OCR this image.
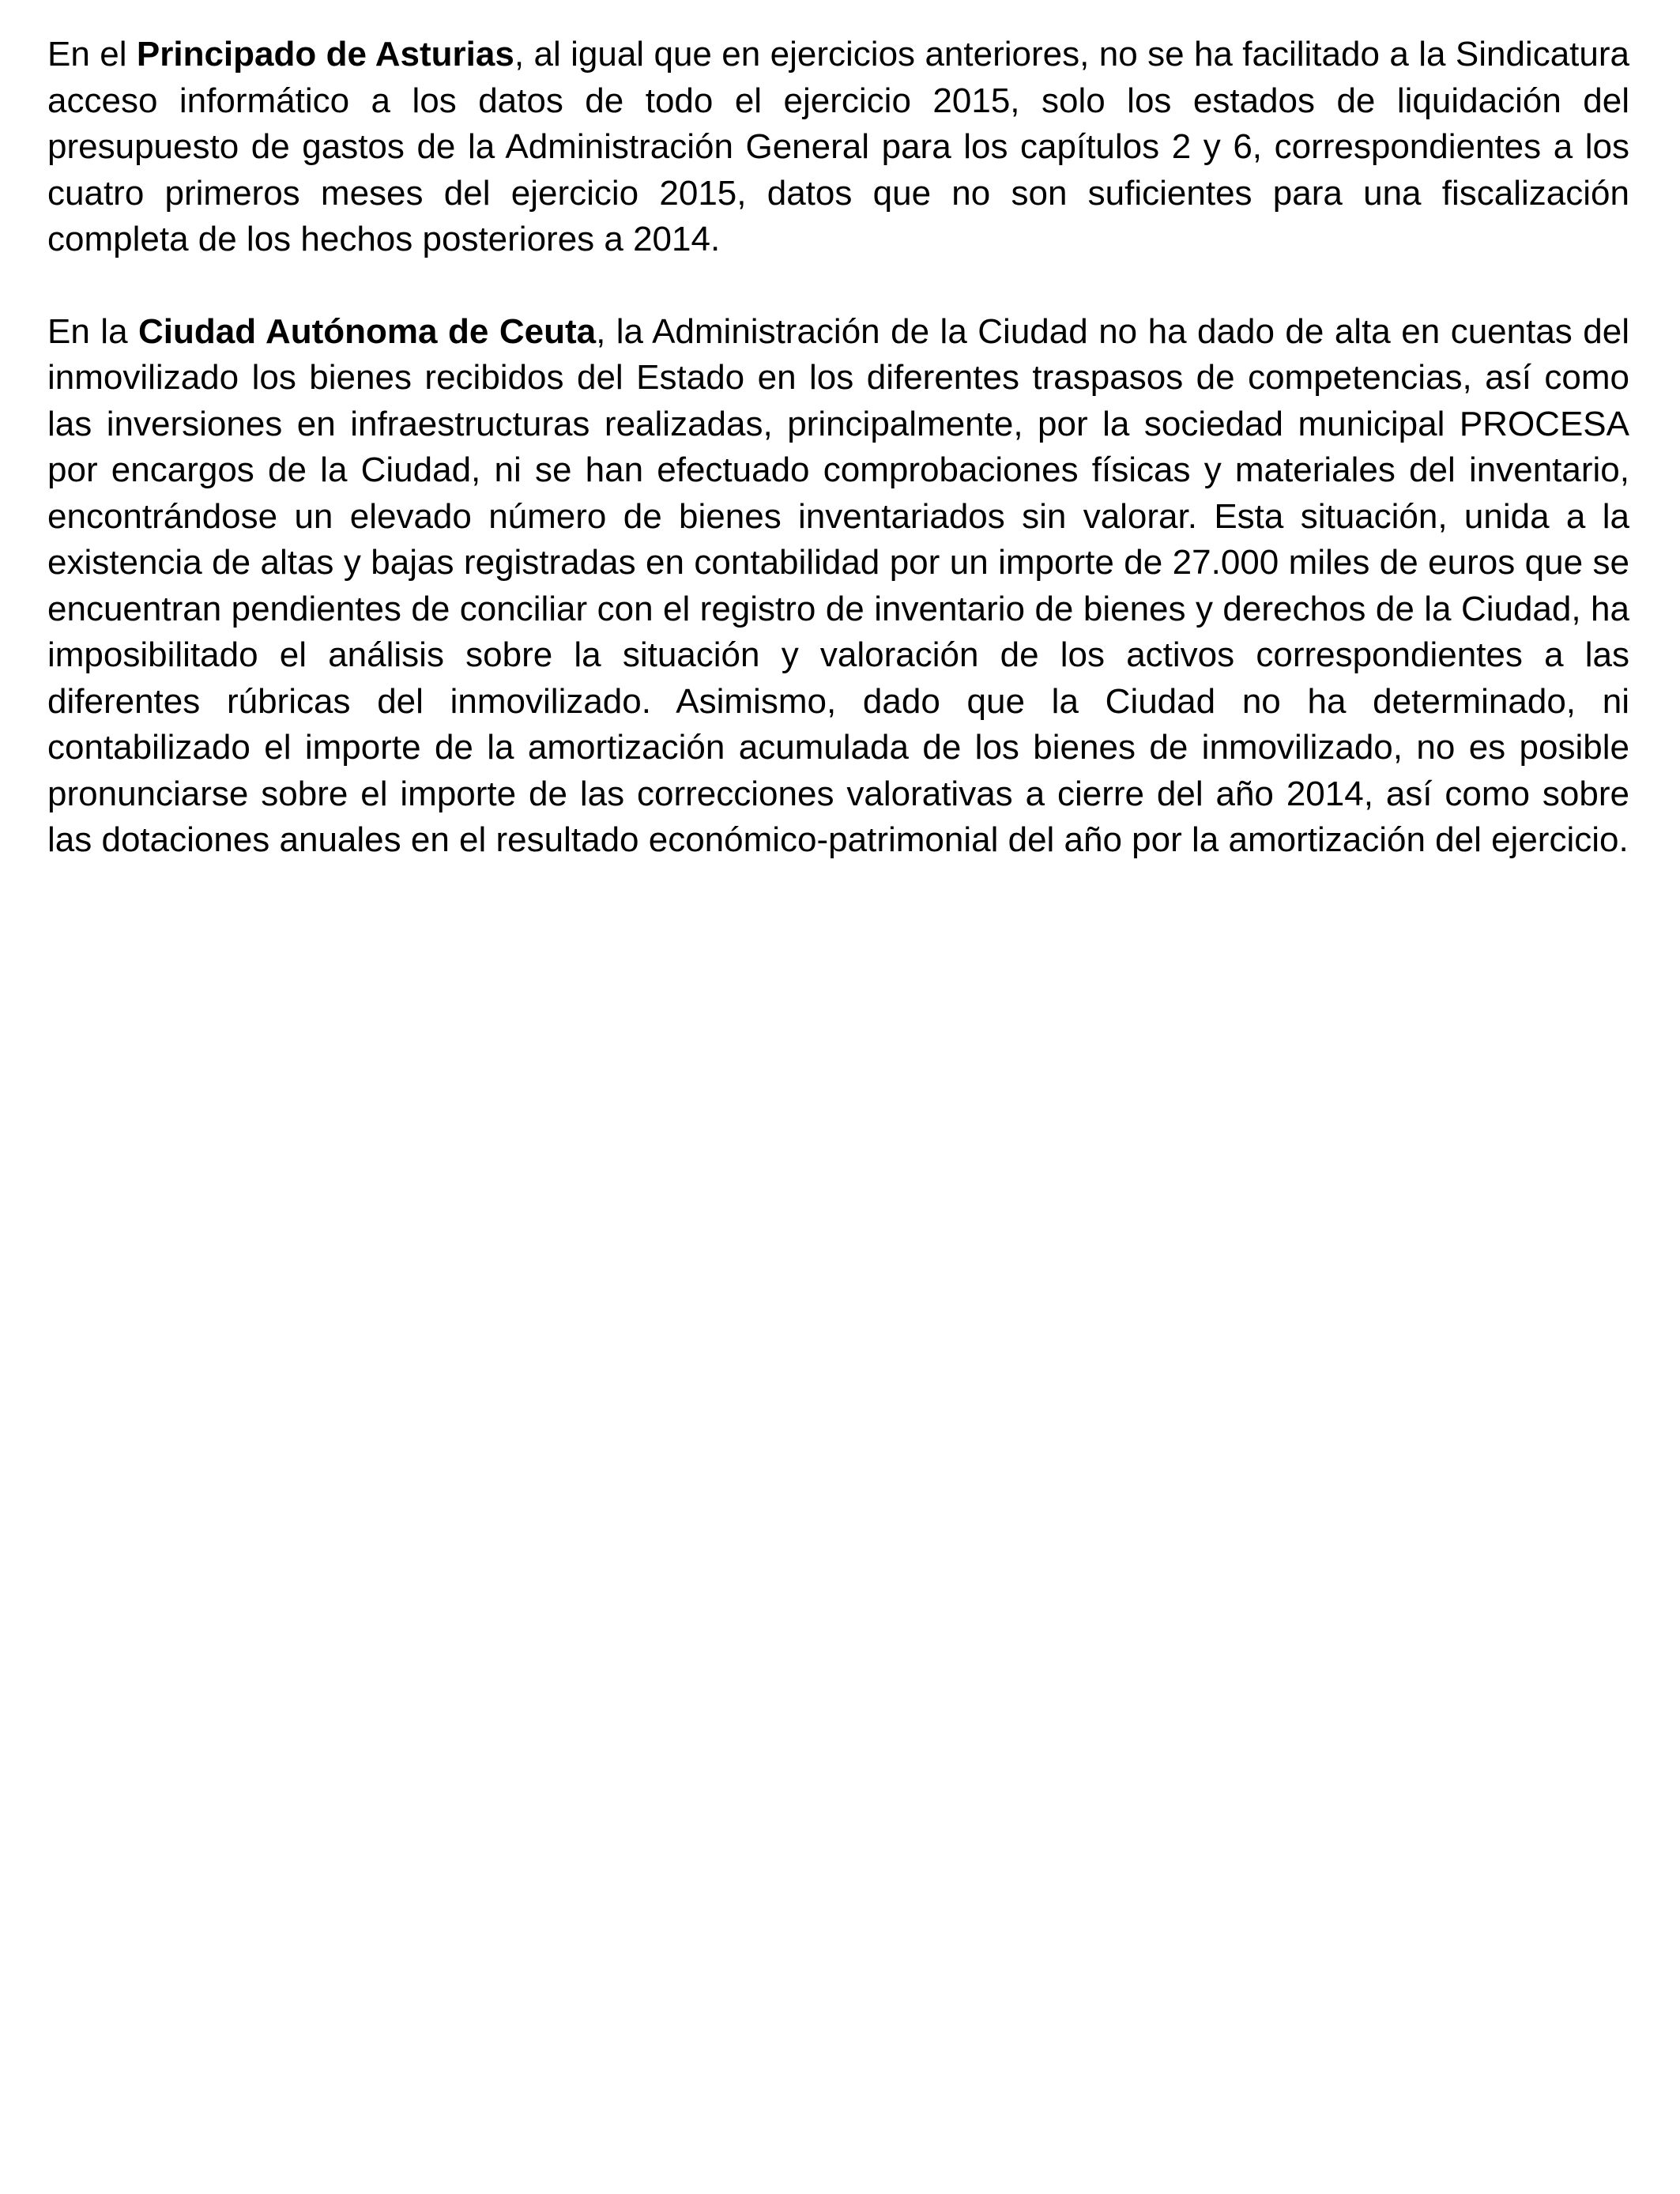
En el Principado de Asturias, al igual que en ejercicios anteriores, no se ha facilitado a la Sindicatura acceso informático a los datos de todo el ejercicio 2015, solo los estados de liquidación del presupuesto de gastos de la Administración General para los capítulos 2 y 6, correspondientes a los cuatro primeros meses del ejercicio 2015, datos que no son suficientes para una fiscalización completa de los hechos posteriores a 2014.

En la Ciudad Autónoma de Ceuta, la Administración de la Ciudad no ha dado de alta en cuentas del inmovilizado los bienes recibidos del Estado en los diferentes traspasos de competencias, así como las inversiones en infraestructuras realizadas, principalmente, por la sociedad municipal PROCESA por encargos de la Ciudad, ni se han efectuado comprobaciones físicas y materiales del inventario, encontrándose un elevado número de bienes inventariados sin valorar. Esta situación, unida a la existencia de altas y bajas registradas en contabilidad por un importe de 27.000 miles de euros que se encuentran pendientes de conciliar con el registro de inventario de bienes y derechos de la Ciudad, ha imposibilitado el análisis sobre la situación y valoración de los activos correspondientes a las diferentes rúbricas del inmovilizado. Asimismo, dado que la Ciudad no ha determinado, ni contabilizado el importe de la amortización acumulada de los bienes de inmovilizado, no es posible pronunciarse sobre el importe de las correcciones valorativas a cierre del año 2014, así como sobre las dotaciones anuales en el resultado económico-patrimonial del año por la amortización del ejercicio.
